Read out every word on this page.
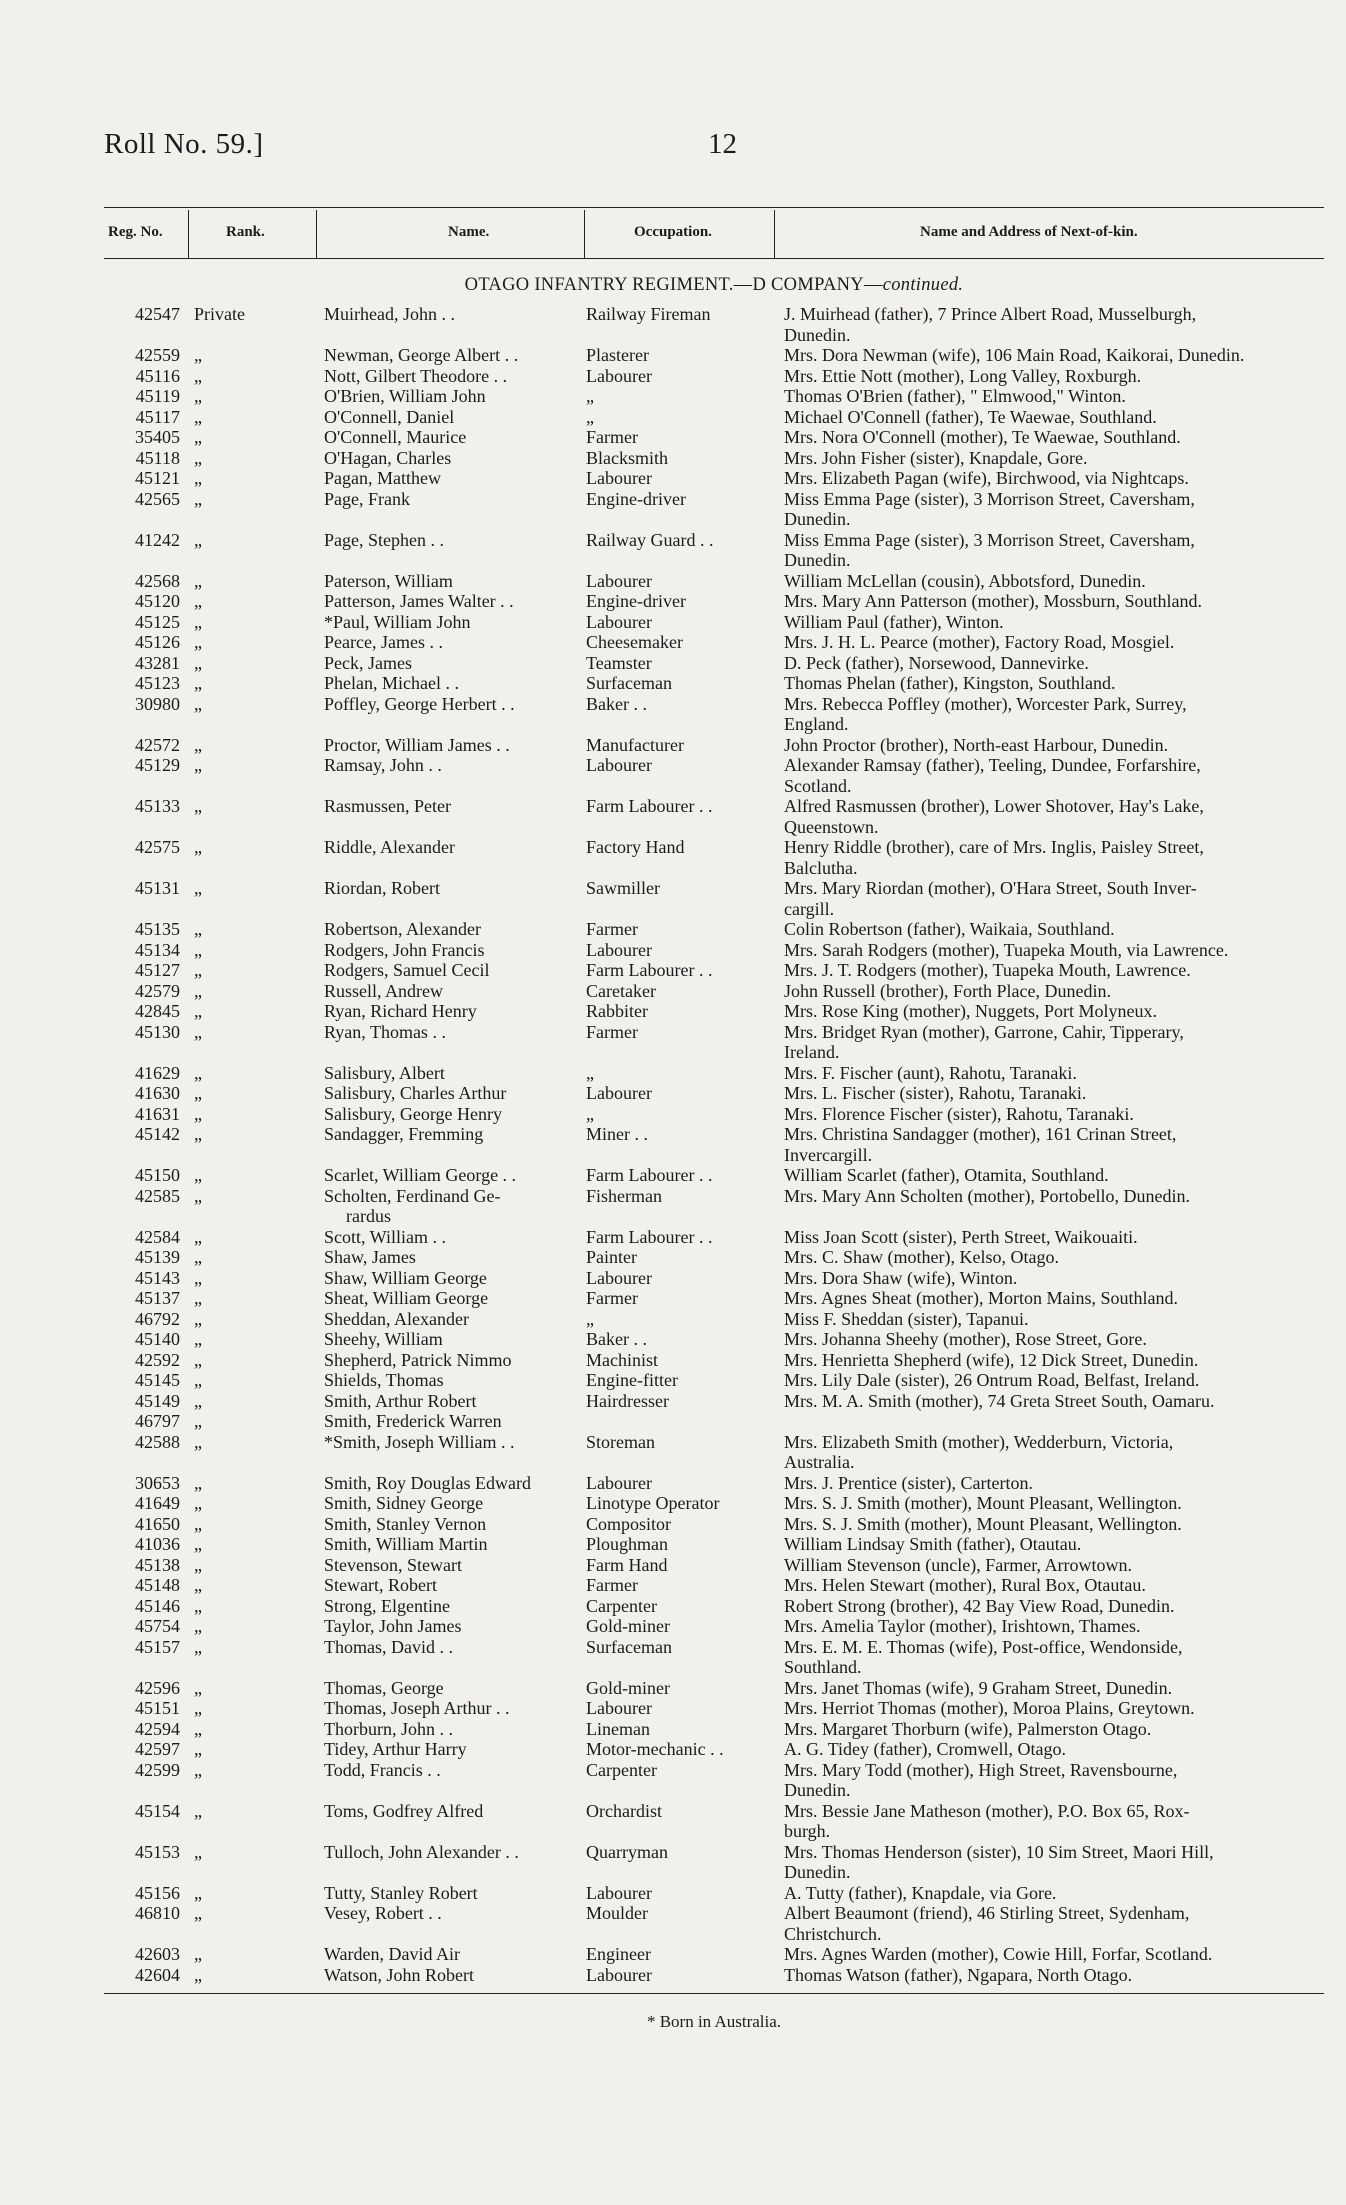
Roll No. 59.]	12
Reg. No.	Rank.	Name.	Occupation.	Name and Address of Next-of-kin.
OTAGO INFANTRY REGIMENT.—D COMPANY—continued.
42547 Private	Muirhead, John . .	Railway Fireman	J. Muirhead (father), 7 Prince Albert Road, Musselburgh,
Dunedin.
42559 „	Newman, George Albert . .	Plasterer	Mrs. Dora Newman (wife), 106 Main Road, Kaikorai, Dunedin.
45116 „	Nott, Gilbert Theodore . .	Labourer	Mrs. Ettie Nott (mother), Long Valley, Roxburgh.
45119 „	O'Brien, William John	„	Thomas O'Brien (father), " Elmwood," Winton.
45117 „	O'Connell, Daniel	„	Michael O'Connell (father), Te Waewae, Southland.
35405 „	O'Connell, Maurice	Farmer	Mrs. Nora O'Connell (mother), Te Waewae, Southland.
45118 „	O'Hagan, Charles	Blacksmith	Mrs. John Fisher (sister), Knapdale, Gore.
45121 „	Pagan, Matthew	Labourer	Mrs. Elizabeth Pagan (wife), Birchwood, via Nightcaps.
42565 „	Page, Frank	Engine-driver	Miss Emma Page (sister), 3 Morrison Street, Caversham,
Dunedin.
41242 „	Page, Stephen . .	Railway Guard . .	Miss Emma Page (sister), 3 Morrison Street, Caversham,
Dunedin.
42568 „	Paterson, William	Labourer	William McLellan (cousin), Abbotsford, Dunedin.
45120 „	Patterson, James Walter . .	Engine-driver	Mrs. Mary Ann Patterson (mother), Mossburn, Southland.
45125 „	*Paul, William John	Labourer	William Paul (father), Winton.
45126 „	Pearce, James . .	Cheesemaker	Mrs. J. H. L. Pearce (mother), Factory Road, Mosgiel.
43281 „	Peck, James	Teamster	D. Peck (father), Norsewood, Dannevirke.
45123 „	Phelan, Michael . .	Surfaceman	Thomas Phelan (father), Kingston, Southland.
30980 „	Poffley, George Herbert . .	Baker . .	Mrs. Rebecca Poffley (mother), Worcester Park, Surrey,
England.
42572 „	Proctor, William James . .	Manufacturer	John Proctor (brother), North-east Harbour, Dunedin.
45129 „	Ramsay, John . .	Labourer	Alexander Ramsay (father), Teeling, Dundee, Forfarshire,
Scotland.
45133 „	Rasmussen, Peter	Farm Labourer . .	Alfred Rasmussen (brother), Lower Shotover, Hay's Lake,
Queenstown.
42575 „	Riddle, Alexander	Factory Hand	Henry Riddle (brother), care of Mrs. Inglis, Paisley Street,
Balclutha.
45131 „	Riordan, Robert	Sawmiller	Mrs. Mary Riordan (mother), O'Hara Street, South Inver-
cargill.
45135 „	Robertson, Alexander	Farmer	Colin Robertson (father), Waikaia, Southland.
45134 „	Rodgers, John Francis	Labourer	Mrs. Sarah Rodgers (mother), Tuapeka Mouth, via Lawrence.
45127 „	Rodgers, Samuel Cecil	Farm Labourer . .	Mrs. J. T. Rodgers (mother), Tuapeka Mouth, Lawrence.
42579 „	Russell, Andrew	Caretaker	John Russell (brother), Forth Place, Dunedin.
42845 „	Ryan, Richard Henry	Rabbiter	Mrs. Rose King (mother), Nuggets, Port Molyneux.
45130 „	Ryan, Thomas . .	Farmer	Mrs. Bridget Ryan (mother), Garrone, Cahir, Tipperary,
Ireland.
41629 „	Salisbury, Albert	„	Mrs. F. Fischer (aunt), Rahotu, Taranaki.
41630 „	Salisbury, Charles Arthur	Labourer	Mrs. L. Fischer (sister), Rahotu, Taranaki.
41631 „	Salisbury, George Henry	„	Mrs. Florence Fischer (sister), Rahotu, Taranaki.
45142 „	Sandagger, Fremming	Miner . .	Mrs. Christina Sandagger (mother), 161 Crinan Street,
Invercargill.
45150 „	Scarlet, William George . .	Farm Labourer . .	William Scarlet (father), Otamita, Southland.
42585 „	Scholten, Ferdinand Ge-
rardus
Fisherman	Mrs. Mary Ann Scholten (mother), Portobello, Dunedin.
42584 „	Scott, William . .	Farm Labourer . .	Miss Joan Scott (sister), Perth Street, Waikouaiti.
45139 „	Shaw, James	Painter	Mrs. C. Shaw (mother), Kelso, Otago.
45143 „	Shaw, William George	Labourer	Mrs. Dora Shaw (wife), Winton.
45137 „	Sheat, William George	Farmer	Mrs. Agnes Sheat (mother), Morton Mains, Southland.
46792 „	Sheddan, Alexander	„	Miss F. Sheddan (sister), Tapanui.
45140 „	Sheehy, William	Baker . .	Mrs. Johanna Sheehy (mother), Rose Street, Gore.
42592 „	Shepherd, Patrick Nimmo	Machinist	Mrs. Henrietta Shepherd (wife), 12 Dick Street, Dunedin.
45145 „	Shields, Thomas	Engine-fitter	Mrs. Lily Dale (sister), 26 Ontrum Road, Belfast, Ireland.
45149 „	Smith, Arthur Robert	Hairdresser	Mrs. M. A. Smith (mother), 74 Greta Street South, Oamaru.
46797 „	Smith, Frederick Warren

42588 „	*Smith, Joseph William . .	Storeman	Mrs. Elizabeth Smith (mother), Wedderburn, Victoria,
Australia.
30653 „	Smith, Roy Douglas Edward	Labourer	Mrs. J. Prentice (sister), Carterton.
41649 „	Smith, Sidney George	Linotype Operator	Mrs. S. J. Smith (mother), Mount Pleasant, Wellington.
41650 „	Smith, Stanley Vernon	Compositor	Mrs. S. J. Smith (mother), Mount Pleasant, Wellington.
41036 „	Smith, William Martin	Ploughman	William Lindsay Smith (father), Otautau.
45138 „	Stevenson, Stewart	Farm Hand	William Stevenson (uncle), Farmer, Arrowtown.
45148 „	Stewart, Robert	Farmer	Mrs. Helen Stewart (mother), Rural Box, Otautau.
45146 „	Strong, Elgentine	Carpenter	Robert Strong (brother), 42 Bay View Road, Dunedin.
45754 „	Taylor, John James	Gold-miner	Mrs. Amelia Taylor (mother), Irishtown, Thames.
45157 „	Thomas, David . .	Surfaceman	Mrs. E. M. E. Thomas (wife), Post-office, Wendonside,
Southland.
42596 „	Thomas, George	Gold-miner	Mrs. Janet Thomas (wife), 9 Graham Street, Dunedin.
45151 „	Thomas, Joseph Arthur . .	Labourer	Mrs. Herriot Thomas (mother), Moroa Plains, Greytown.
42594 „	Thorburn, John . .	Lineman	Mrs. Margaret Thorburn (wife), Palmerston Otago.
42597 „	Tidey, Arthur Harry	Motor-mechanic . .	A. G. Tidey (father), Cromwell, Otago.
42599 „	Todd, Francis . .	Carpenter	Mrs. Mary Todd (mother), High Street, Ravensbourne,
Dunedin.
45154 „	Toms, Godfrey Alfred	Orchardist	Mrs. Bessie Jane Matheson (mother), P.O. Box 65, Rox-
burgh.
45153 „	Tulloch, John Alexander . .	Quarryman	Mrs. Thomas Henderson (sister), 10 Sim Street, Maori Hill,
Dunedin.
45156 „	Tutty, Stanley Robert	Labourer	A. Tutty (father), Knapdale, via Gore.
46810 „	Vesey, Robert . .	Moulder	Albert Beaumont (friend), 46 Stirling Street, Sydenham,
Christchurch.
42603 „	Warden, David Air	Engineer	Mrs. Agnes Warden (mother), Cowie Hill, Forfar, Scotland.
42604 „	Watson, John Robert	Labourer	Thomas Watson (father), Ngapara, North Otago.
* Born in Australia.
